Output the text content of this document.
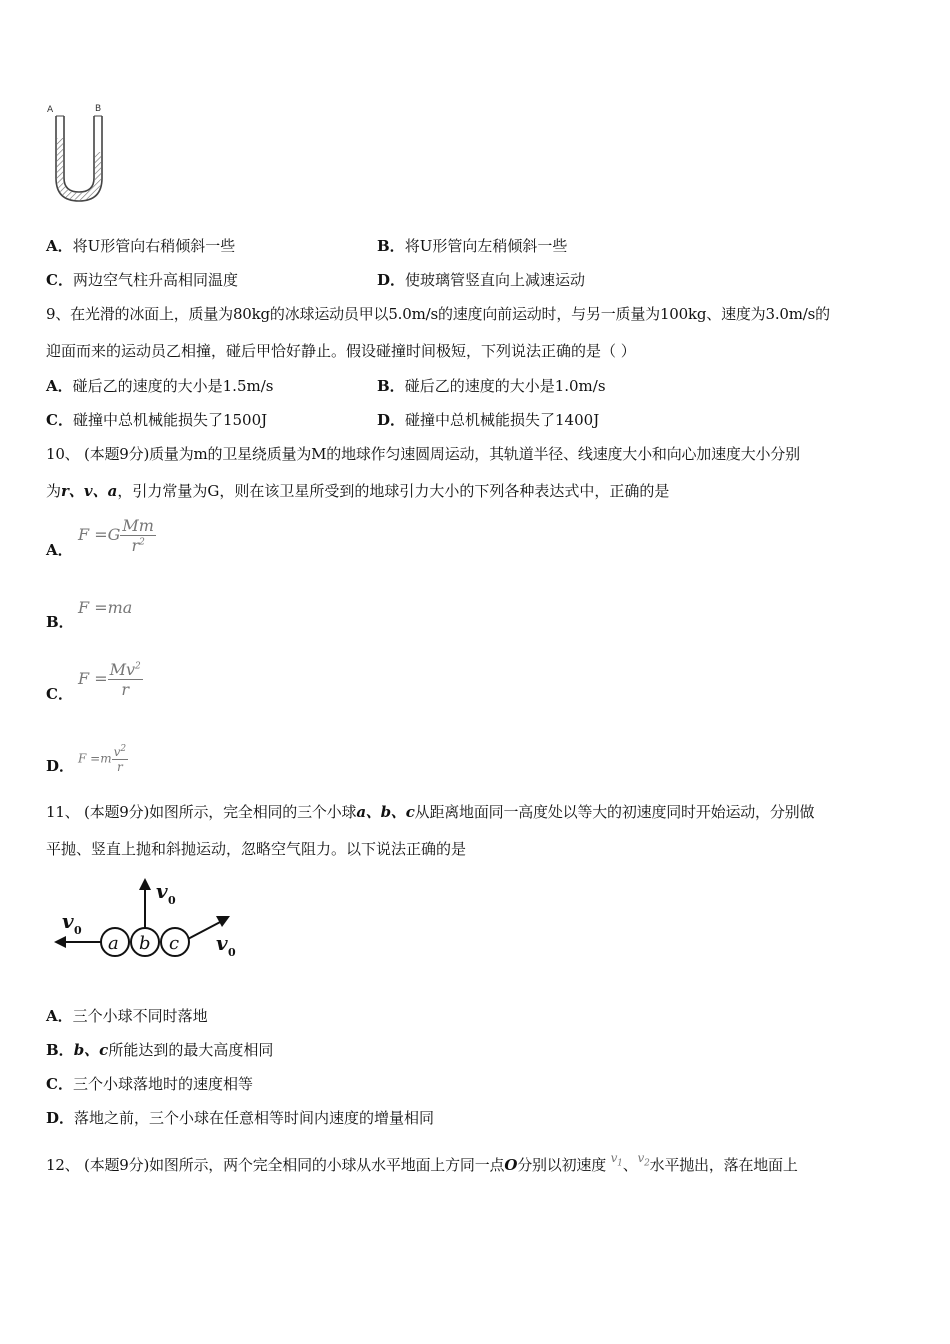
A	B
A．将U形管向右稍倾斜一些	B．将U形管向左稍倾斜一些
C．两边空气柱升高相同温度	D．使玻璃管竖直向上减速运动
9、在光滑的冰面上，质量为80kg的冰球运动员甲以5.0m/s的速度向前运动时，与另一质量为100kg、速度为3.0m/s的
迎面而来的运动员乙相撞，碰后甲恰好静止。假设碰撞时间极短，下列说法正确的是（ ）
A．碰后乙的速度的大小是1.5m/s	B．碰后乙的速度的大小是1.0m/s
C．碰撞中总机械能损失了1500J	D．碰撞中总机械能损失了1400J
10、 (本题9分)质量为m的卫星绕质量为M的地球作匀速圆周运动，其轨道半径、线速度大小和向心加速度大小分别
为r、v、a，引力常量为G，则在该卫星所受到的地球引力大小的下列各种表达式中，正确的是
A．
$F =G \frac{Mm}{r^2}$
B．
F =ma
C．
$F = \frac{Mv^2}{r}$
D． $F =m \frac{v^2}{r}$
11、 (本题9分)如图所示，完全相同的三个小球a、b、c从距离地面同一高度处以等大的初速度同时开始运动，分别做
平抛、竖直上抛和斜抛运动，忽略空气阻力。以下说法正确的是
v 0
v 0
v 0
a b c
A．三个小球不同时落地
B．b、c所能达到的最大高度相同
C．三个小球落地时的速度相等
D．落地之前，三个小球在任意相等时间内速度的增量相同
12、 (本题9分)如图所示，两个完全相同的小球从水平地面上方同一点O分别以初速度 $^{v_1}$、$^{v_2}$水平抛出，落在地面上
